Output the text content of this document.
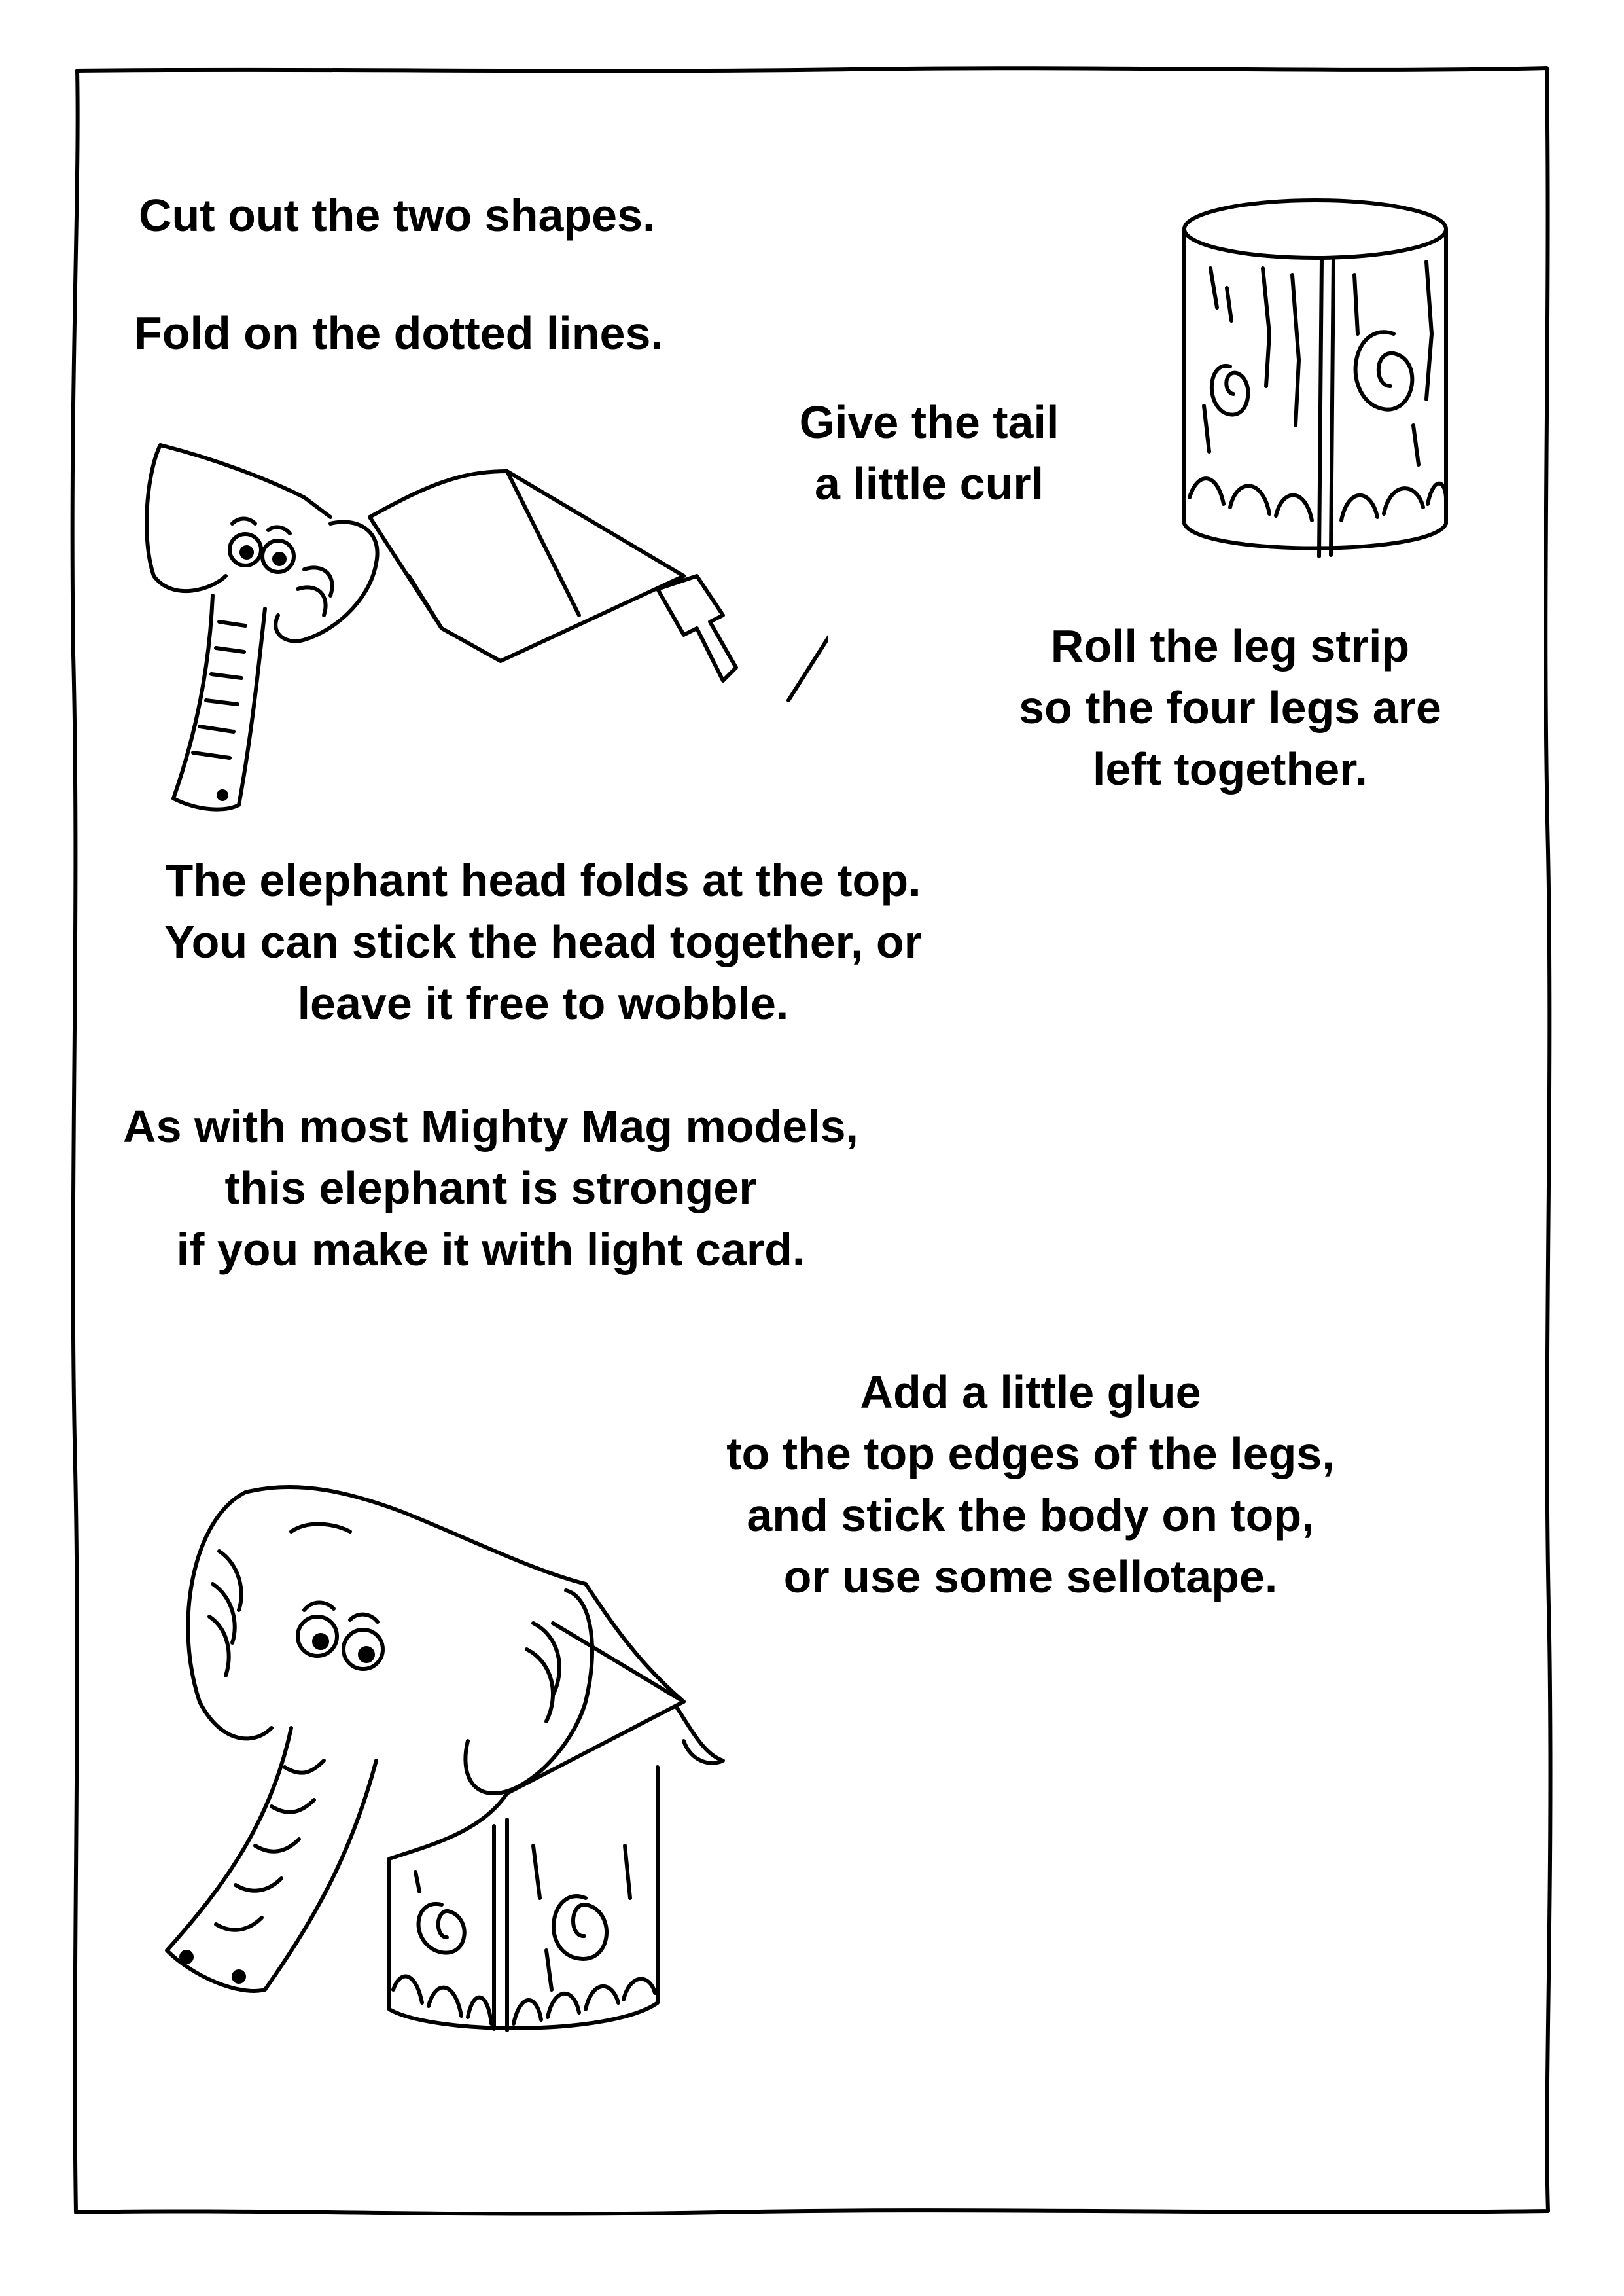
Cut out the two shapes.
Fold on the dotted lines.
Give the tail
a little curl
Roll the leg strip
so the four legs are
left together.
The elephant head folds at the top.
You can stick the head together, or
leave it free to wobble.
As with most Mighty Mag models,
this elephant is stronger
if you make it with light card.
Add a little glue
to the top edges of the legs,
and stick the body on top,
or use some sellotape.
